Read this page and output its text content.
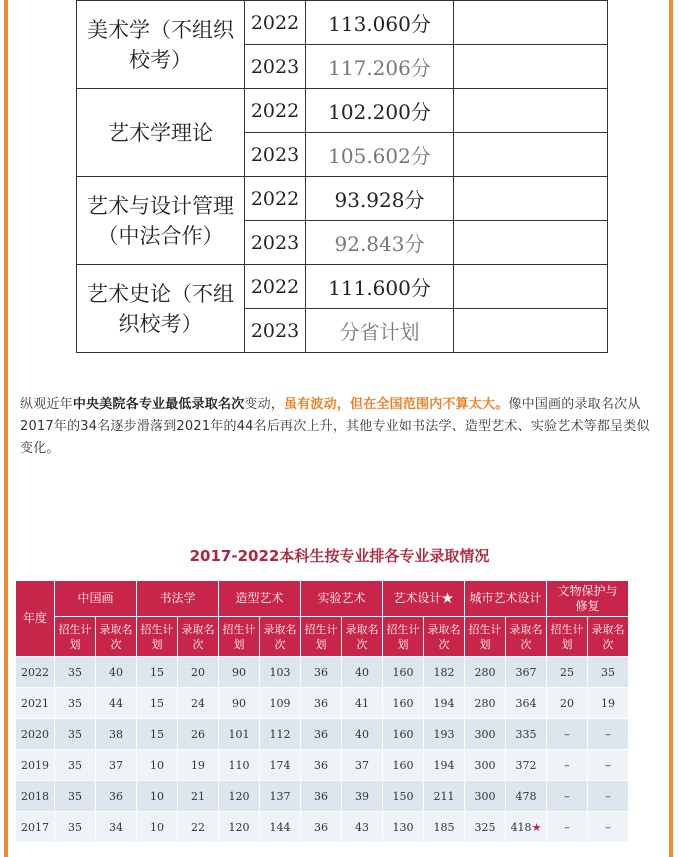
美术学（不组织
校考）	2022	113.060分	
	2023	117.206分	
艺术学理论	2022	102.200分	
	2023	105.602分	
艺术与设计管理
（中法合作）	2022	93.928分	
	2023	92.843分	
艺术史论（不组
织校考）	2022	111.600分	
	2023	分省计划	
纵观近年中央美院各专业最低录取名次变动，虽有波动，但在全国范围内不算太大。像中国画的录取名次从2017年的34名逐步滑落到2021年的44名后再次上升，其他专业如书法学、造型艺术、实验艺术等都呈类似变化。
2017-2022本科生按专业排各专业录取情况
年度	中国画		书法学		造型艺术		实验艺术		艺术设计★		城市艺术设计		文物保护与
修复	
	招生计
划	录取名
次	招生计
划	录取名
次	招生计
划	录取名
次	招生计
划	录取名
次	招生计
划	录取名次	招生计
划	录取名
次	招生计
划	录取名
次
2022	35	40	15	20	90	103	36	40	160	182	280	367	25	35
2021	35	44	15	24	90	109	36	41	160	194	280	364	20	19
2020	35	38	15	26	101	112	36	40	160	193	300	335	–	–
2019	35	37	10	19	110	174	36	37	160	194	300	372	–	–
2018	35	36	10	21	120	137	36	39	150	211	300	478	–	–
2017	35	34	10	22	120	144	36	43	130	185	325	418★	–	–
